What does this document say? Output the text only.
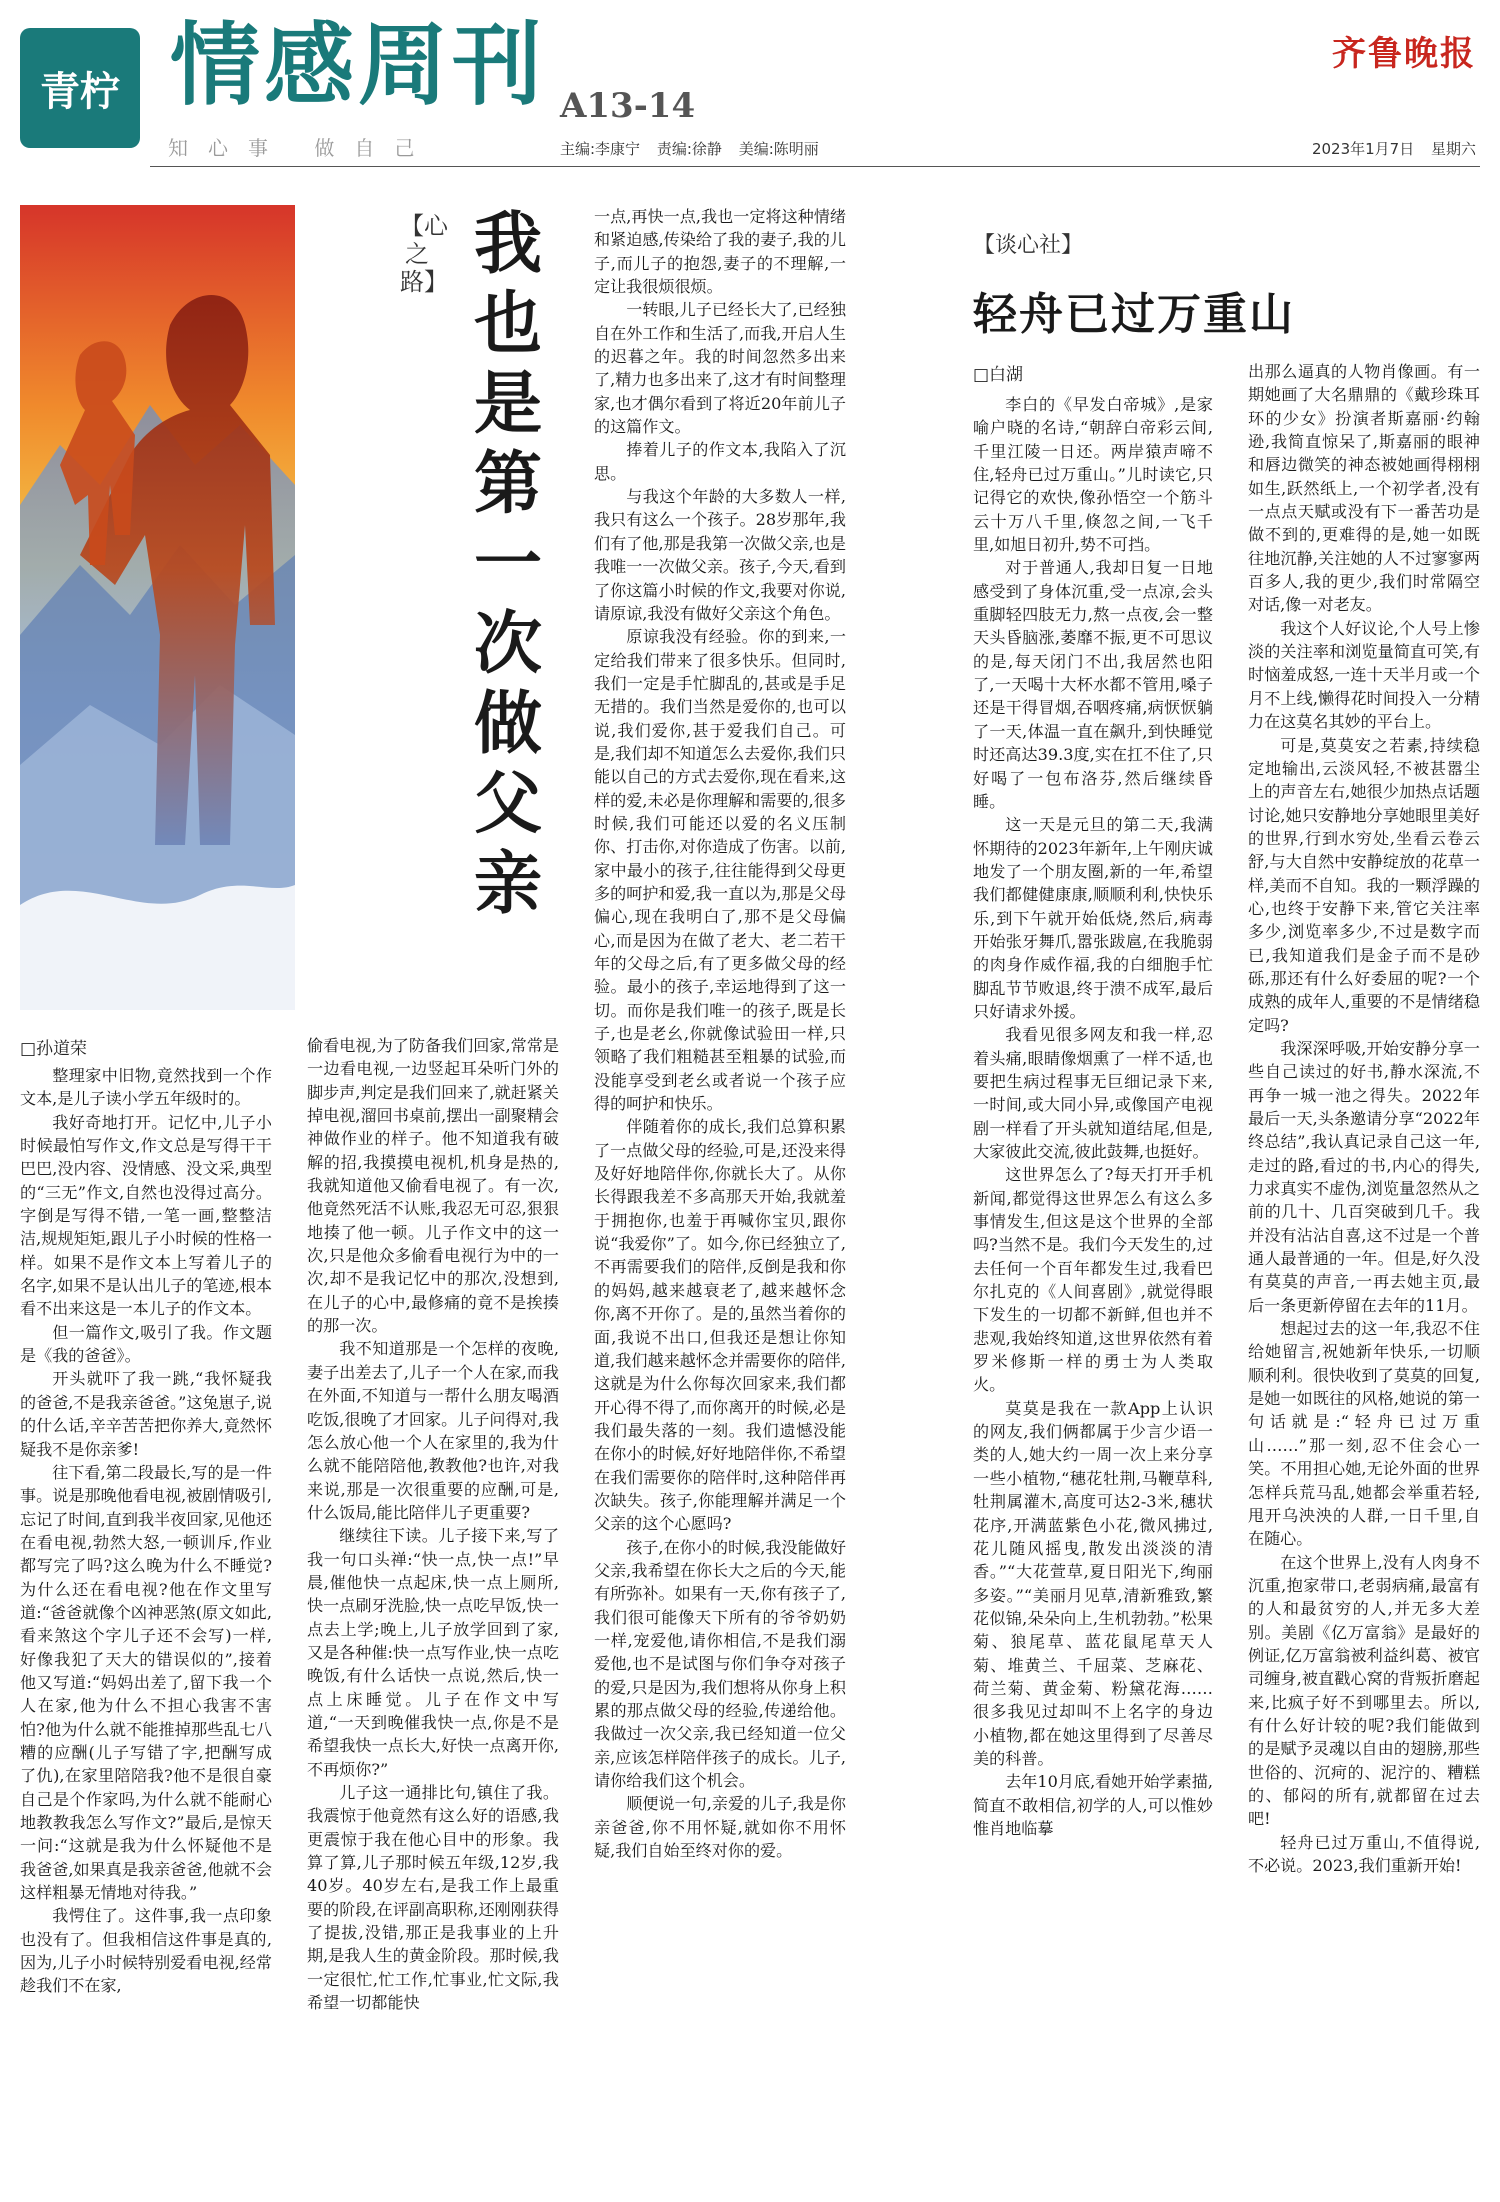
青柠 情感周刊 A13-14
知心事 做自己	主编:李康宁 责编:徐静 美编:陈明丽
齐鲁晚报
2023年1月7日 星期六
【心之路】 我也是第一次做父亲
□孙道荣

整理家中旧物,竟然找到一个作文本,是儿子读小学五年级时的。

我好奇地打开。记忆中,儿子小时候最怕写作文,作文总是写得干干巴巴,没内容、没情感、没文采,典型的“三无”作文,自然也没得过高分。字倒是写得不错,一笔一画,整整洁洁,规规矩矩,跟儿子小时候的性格一样。如果不是作文本上写着儿子的名字,如果不是认出儿子的笔迹,根本看不出来这是一本儿子的作文本。

但一篇作文,吸引了我。作文题是《我的爸爸》。

开头就吓了我一跳,“我怀疑我的爸爸,不是我亲爸爸。”这兔崽子,说的什么话,辛辛苦苦把你养大,竟然怀疑我不是你亲爹!

往下看,第二段最长,写的是一件事。说是那晚他看电视,被剧情吸引,忘记了时间,直到我半夜回家,见他还在看电视,勃然大怒,一顿训斥,作业都写完了吗?这么晚为什么不睡觉?为什么还在看电视?他在作文里写道:“爸爸就像个凶神恶煞(原文如此,看来煞这个字儿子还不会写)一样,好像我犯了天大的错误似的”,接着他又写道:“妈妈出差了,留下我一个人在家,他为什么不担心我害不害怕?他为什么就不能推掉那些乱七八糟的应酬(儿子写错了字,把酬写成了仇),在家里陪陪我?他不是很自豪自己是个作家吗,为什么就不能耐心地教教我怎么写作文?”最后,是惊天一问:“这就是我为什么怀疑他不是我爸爸,如果真是我亲爸爸,他就不会这样粗暴无情地对待我。”

我愕住了。这件事,我一点印象也没有了。但我相信这件事是真的,因为,儿子小时候特别爱看电视,经常趁我们不在家,

偷看电视,为了防备我们回家,常常是一边看电视,一边竖起耳朵听门外的脚步声,判定是我们回来了,就赶紧关掉电视,溜回书桌前,摆出一副聚精会神做作业的样子。他不知道我有破解的招,我摸摸电视机,机身是热的,我就知道他又偷看电视了。有一次,他竟然死活不认账,我忍无可忍,狠狠地揍了他一顿。儿子作文中的这一次,只是他众多偷看电视行为中的一次,却不是我记忆中的那次,没想到,在儿子的心中,最修痛的竟不是挨揍的那一次。

我不知道那是一个怎样的夜晚,妻子出差去了,儿子一个人在家,而我在外面,不知道与一帮什么朋友喝酒吃饭,很晚了才回家。儿子问得对,我怎么放心他一个人在家里的,我为什么就不能陪陪他,教教他?也许,对我来说,那是一次很重要的应酬,可是,什么饭局,能比陪伴儿子更重要?

继续往下读。儿子接下来,写了我一句口头禅:“快一点,快一点!”早晨,催他快一点起床,快一点上厕所,快一点刷牙洗脸,快一点吃早饭,快一点去上学;晚上,儿子放学回到了家,又是各种催:快一点写作业,快一点吃晚饭,有什么话快一点说,然后,快一点上床睡觉。儿子在作文中写道,“一天到晚催我快一点,你是不是希望我快一点长大,好快一点离开你,不再烦你?”

儿子这一通排比句,镇住了我。我震惊于他竟然有这么好的语感,我更震惊于我在他心目中的形象。我算了算,儿子那时候五年级,12岁,我40岁。40岁左右,是我工作上最重要的阶段,在评副高职称,还刚刚获得了提拔,没错,那正是我事业的上升期,是我人生的黄金阶段。那时候,我一定很忙,忙工作,忙事业,忙文际,我希望一切都能快

一点,再快一点,我也一定将这种情绪和紧迫感,传染给了我的妻子,我的儿子,而儿子的抱怨,妻子的不理解,一定让我很烦很烦。

一转眼,儿子已经长大了,已经独自在外工作和生活了,而我,开启人生的迟暮之年。我的时间忽然多出来了,精力也多出来了,这才有时间整理家,也才偶尔看到了将近20年前儿子的这篇作文。

捧着儿子的作文本,我陷入了沉思。

与我这个年龄的大多数人一样,我只有这么一个孩子。28岁那年,我们有了他,那是我第一次做父亲,也是我唯一一次做父亲。孩子,今天,看到了你这篇小时候的作文,我要对你说,请原谅,我没有做好父亲这个角色。

原谅我没有经验。你的到来,一定给我们带来了很多快乐。但同时,我们一定是手忙脚乱的,甚或是手足无措的。我们当然是爱你的,也可以说,我们爱你,甚于爱我们自己。可是,我们却不知道怎么去爱你,我们只能以自己的方式去爱你,现在看来,这样的爱,未必是你理解和需要的,很多时候,我们可能还以爱的名义压制你、打击你,对你造成了伤害。以前,家中最小的孩子,往往能得到父母更多的呵护和爱,我一直以为,那是父母偏心,现在我明白了,那不是父母偏心,而是因为在做了老大、老二若干年的父母之后,有了更多做父母的经验。最小的孩子,幸运地得到了这一切。而你是我们唯一的孩子,既是长子,也是老幺,你就像试验田一样,只领略了我们粗糙甚至粗暴的试验,而没能享受到老幺或者说一个孩子应得的呵护和快乐。

伴随着你的成长,我们总算积累了一点做父母的经验,可是,还没来得及好好地陪伴你,你就长大了。从你长得跟我差不多高那天开始,我就羞于拥抱你,也羞于再喊你宝贝,跟你说“我爱你”了。如今,你已经独立了,不再需要我们的陪伴,反倒是我和你的妈妈,越来越衰老了,越来越怀念你,离不开你了。是的,虽然当着你的面,我说不出口,但我还是想让你知道,我们越来越怀念并需要你的陪伴,这就是为什么你每次回家来,我们都开心得不得了,而你离开的时候,必是我们最失落的一刻。我们遗憾没能在你小的时候,好好地陪伴你,不希望在我们需要你的陪伴时,这种陪伴再次缺失。孩子,你能理解并满足一个父亲的这个心愿吗?

孩子,在你小的时候,我没能做好父亲,我希望在你长大之后的今天,能有所弥补。如果有一天,你有孩子了,我们很可能像天下所有的爷爷奶奶一样,宠爱他,请你相信,不是我们溺爱他,也不是试图与你们争夺对孩子的爱,只是因为,我们想将从你身上积累的那点做父母的经验,传递给他。我做过一次父亲,我已经知道一位父亲,应该怎样陪伴孩子的成长。儿子,请你给我们这个机会。

顺便说一句,亲爱的儿子,我是你亲爸爸,你不用怀疑,就如你不用怀疑,我们自始至终对你的爱。

【谈心社】
轻舟已过万重山
□白湖

李白的《早发白帝城》,是家喻户晓的名诗,“朝辞白帝彩云间,千里江陵一日还。两岸猿声啼不住,轻舟已过万重山。”儿时读它,只记得它的欢快,像孙悟空一个筋斗云十万八千里,倏忽之间,一飞千里,如旭日初升,势不可挡。

对于普通人,我却日复一日地感受到了身体沉重,受一点凉,会头重脚轻四肢无力,熬一点夜,会一整天头昏脑涨,萎靡不振,更不可思议的是,每天闭门不出,我居然也阳了,一天喝十大杯水都不管用,嗓子还是干得冒烟,吞咽疼痛,病恹恹躺了一天,体温一直在飙升,到快睡觉时还高达39.3度,实在扛不住了,只好喝了一包布洛芬,然后继续昏睡。

这一天是元旦的第二天,我满怀期待的2023年新年,上午刚庆诚地发了一个朋友圈,新的一年,希望我们都健健康康,顺顺利利,快快乐乐,到下午就开始低烧,然后,病毒开始张牙舞爪,嚣张跋扈,在我脆弱的肉身作威作福,我的白细胞手忙脚乱节节败退,终于溃不成军,最后只好请求外援。

我看见很多网友和我一样,忍着头痛,眼睛像烟熏了一样不适,也要把生病过程事无巨细记录下来,一时间,或大同小异,或像国产电视剧一样看了开头就知道结尾,但是,大家彼此交流,彼此鼓舞,也挺好。

这世界怎么了?每天打开手机新闻,都觉得这世界怎么有这么多事情发生,但这是这个世界的全部吗?当然不是。我们今天发生的,过去任何一个百年都发生过,我看巴尔扎克的《人间喜剧》,就觉得眼下发生的一切都不新鲜,但也并不悲观,我始终知道,这世界依然有着罗米修斯一样的勇士为人类取火。

莫莫是我在一款App上认识的网友,我们俩都属于少言少语一类的人,她大约一周一次上来分享一些小植物,“穗花牡荆,马鞭草科,牡荆属灌木,高度可达2-3米,穗状花序,开满蓝紫色小花,微风拂过,花儿随风摇曳,散发出淡淡的清香。”“大花萱草,夏日阳光下,绚丽多姿。”“美丽月见草,清新雅致,繁花似锦,朵朵向上,生机勃勃。”松果菊、狼尾草、蓝花鼠尾草天人菊、堆黄兰、千屈菜、芝麻花、荷兰菊、黄金菊、粉黛花海……很多我见过却叫不上名字的身边小植物,都在她这里得到了尽善尽美的科普。

去年10月底,看她开始学素描,简直不敢相信,初学的人,可以惟妙惟肖地临摹

出那么逼真的人物肖像画。有一期她画了大名鼎鼎的《戴珍珠耳环的少女》扮演者斯嘉丽·约翰逊,我简直惊呆了,斯嘉丽的眼神和唇边微笑的神态被她画得栩栩如生,跃然纸上,一个初学者,没有一点点天赋或没有下一番苦功是做不到的,更难得的是,她一如既往地沉静,关注她的人不过寥寥两百多人,我的更少,我们时常隔空对话,像一对老友。

我这个人好议论,个人号上惨淡的关注率和浏览量简直可笑,有时恼羞成怒,一连十天半月或一个月不上线,懒得花时间投入一分精力在这莫名其妙的平台上。

可是,莫莫安之若素,持续稳定地输出,云淡风轻,不被甚嚣尘上的声音左右,她很少加热点话题讨论,她只安静地分享她眼里美好的世界,行到水穷处,坐看云卷云舒,与大自然中安静绽放的花草一样,美而不自知。我的一颗浮躁的心,也终于安静下来,管它关注率多少,浏览率多少,不过是数字而已,我知道我们是金子而不是砂砾,那还有什么好委屈的呢?一个成熟的成年人,重要的不是情绪稳定吗?

我深深呼吸,开始安静分享一些自己读过的好书,静水深流,不再争一城一池之得失。2022年最后一天,头条邀请分享“2022年终总结”,我认真记录自己这一年,走过的路,看过的书,内心的得失,力求真实不虚伪,浏览量忽然从之前的几十、几百突破到几千。我并没有沾沾自喜,这不过是一个普通人最普通的一年。但是,好久没有莫莫的声音,一再去她主页,最后一条更新停留在去年的11月。

想起过去的这一年,我忍不住给她留言,祝她新年快乐,一切顺顺利利。很快收到了莫莫的回复,是她一如既往的风格,她说的第一句话就是:“轻舟已过万重山……”那一刻,忍不住会心一笑。不用担心她,无论外面的世界怎样兵荒马乱,她都会举重若轻,甩开乌泱泱的人群,一日千里,自在随心。

在这个世界上,没有人肉身不沉重,抱家带口,老弱病痛,最富有的人和最贫穷的人,并无多大差别。美剧《亿万富翁》是最好的例证,亿万富翁被利益纠葛、被官司缠身,被直戳心窝的背叛折磨起来,比疯子好不到哪里去。所以,有什么好计较的呢?我们能做到的是赋予灵魂以自由的翅膀,那些世俗的、沉疴的、泥泞的、糟糕的、郁闷的所有,就都留在过去吧!

轻舟已过万重山,不值得说,不必说。2023,我们重新开始!
